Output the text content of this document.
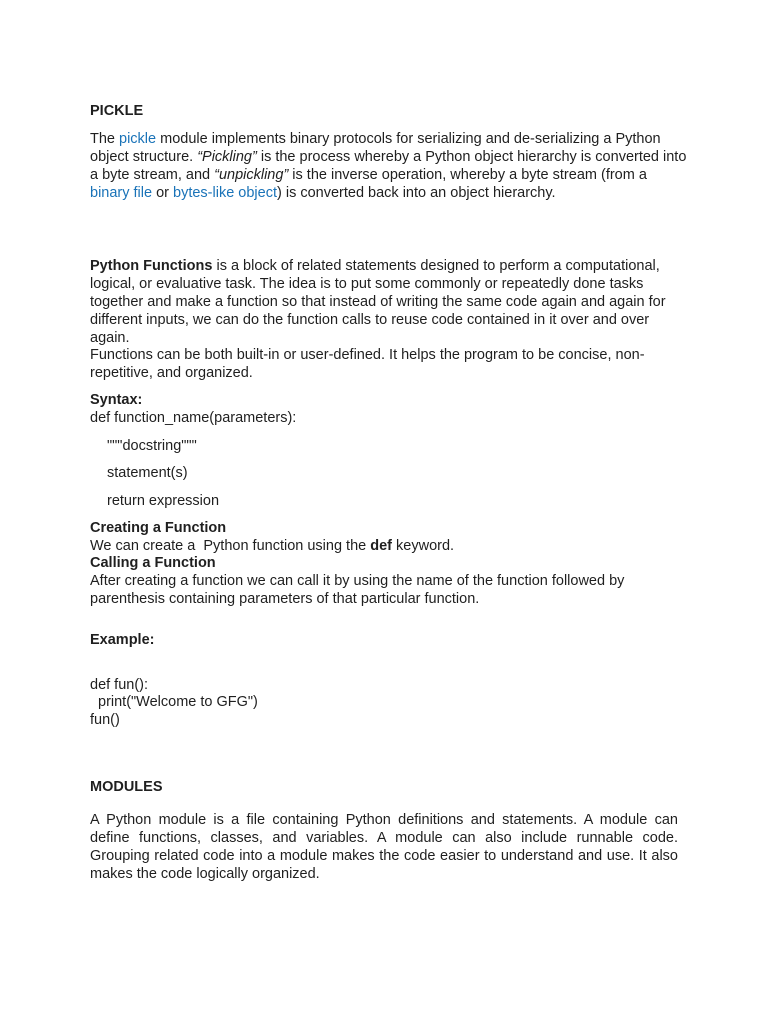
PICKLE

The pickle module implements binary protocols for serializing and de-serializing a Python object structure. “Pickling” is the process whereby a Python object hierarchy is converted into a byte stream, and “unpickling” is the inverse operation, whereby a byte stream (from a binary file or bytes-like object) is converted back into an object hierarchy.

Python Functions is a block of related statements designed to perform a computational, logical, or evaluative task. The idea is to put some commonly or repeatedly done tasks together and make a function so that instead of writing the same code again and again for different inputs, we can do the function calls to reuse code contained in it over and over again.

Functions can be both built-in or user-defined. It helps the program to be concise, non-repetitive, and organized.

Syntax:
def function_name(parameters):
"""docstring"""
statement(s)
return expression
Creating a Function
We can create a  Python function using the def keyword.
Calling a Function

After creating a function we can call it by using the name of the function followed by parenthesis containing parameters of that particular function.

Example:
def fun():
print("Welcome to GFG")
fun()
MODULES

A Python module is a file containing Python definitions and statements. A module can define functions, classes, and variables. A module can also include runnable code. Grouping related code into a module makes the code easier to understand and use. It also makes the code logically organized.
